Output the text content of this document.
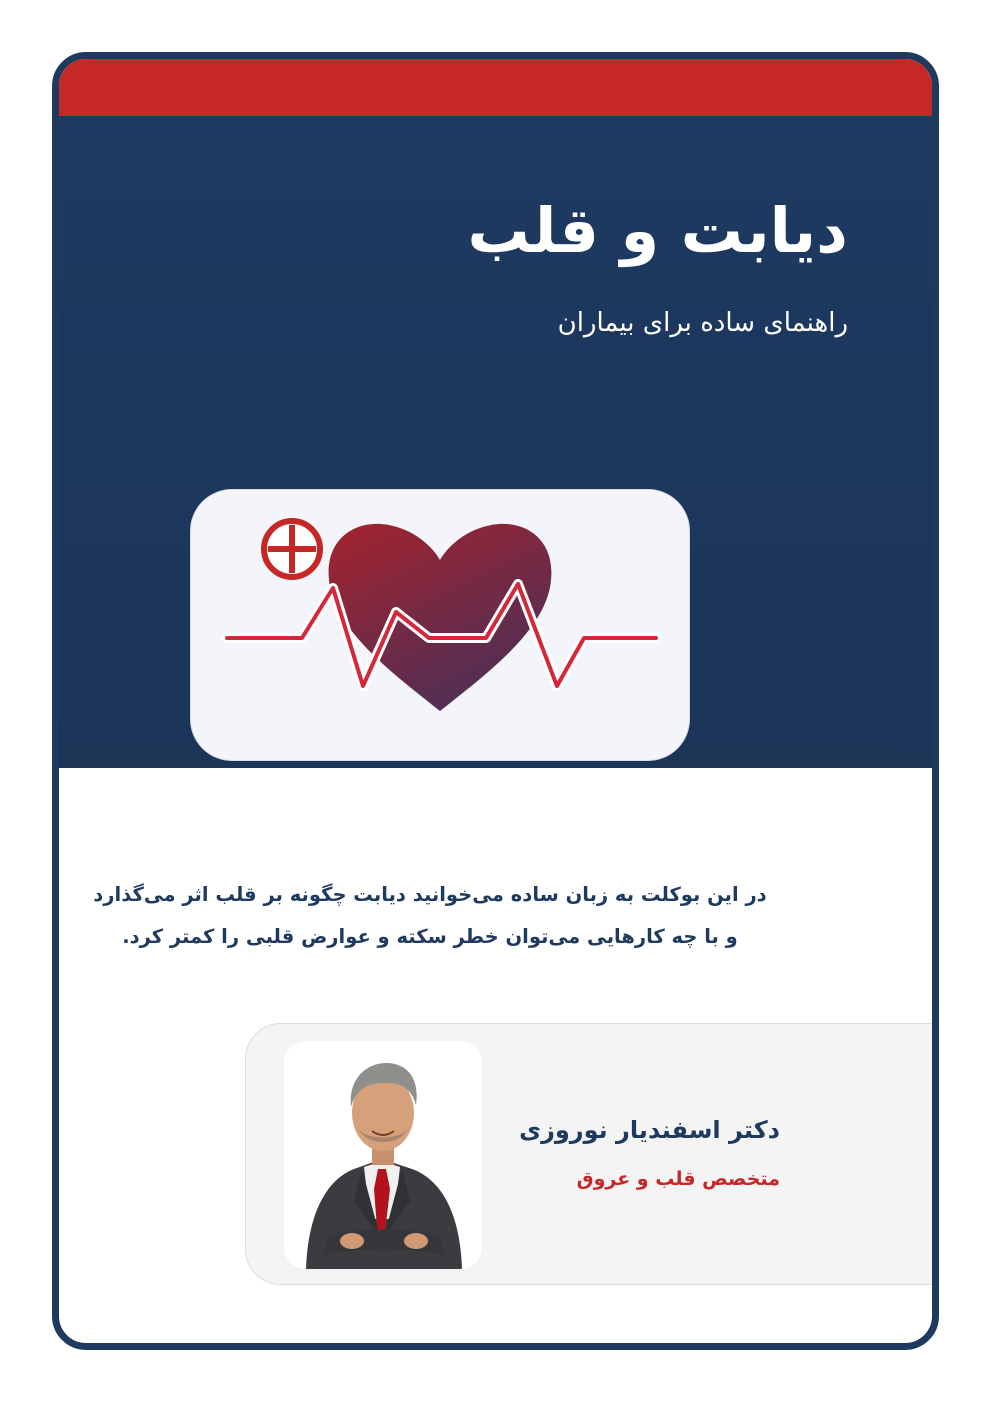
دیابت و قلب

راهنمای ساده برای بیماران

در این بوکلت به زبان ساده می‌خوانید دیابت چگونه بر قلب اثر می‌گذارد
و با چه کارهایی می‌توان خطر سکته و عوارض قلبی را کمتر کرد.

دکتر اسفندیار نوروزی

متخصص قلب و عروق
